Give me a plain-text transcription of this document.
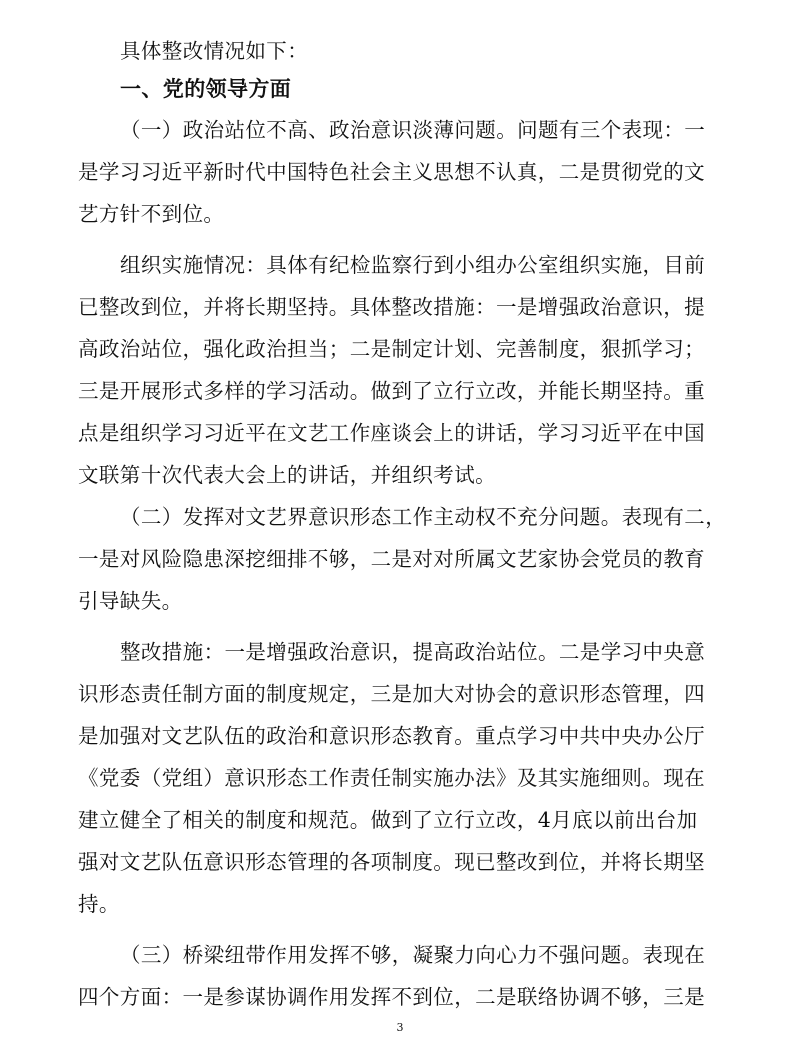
具体整改情况如下：
一、党的领导方面
（一）政治站位不高、政治意识淡薄问题。问题有三个表现：一
是学习习近平新时代中国特色社会主义思想不认真，二是贯彻党的文
艺方针不到位。
组织实施情况：具体有纪检监察行到小组办公室组织实施，目前
已整改到位，并将长期坚持。具体整改措施：一是增强政治意识，提
高政治站位，强化政治担当；二是制定计划、完善制度，狠抓学习；
三是开展形式多样的学习活动。做到了立行立改，并能长期坚持。重
点是组织学习习近平在文艺工作座谈会上的讲话，学习习近平在中国
文联第十次代表大会上的讲话，并组织考试。
（二）发挥对文艺界意识形态工作主动权不充分问题。表现有二，
一是对风险隐患深挖细排不够，二是对对所属文艺家协会党员的教育
引导缺失。
整改措施：一是增强政治意识，提高政治站位。二是学习中央意
识形态责任制方面的制度规定，三是加大对协会的意识形态管理，四
是加强对文艺队伍的政治和意识形态教育。重点学习中共中央办公厅
《党委（党组）意识形态工作责任制实施办法》及其实施细则。现在
建立健全了相关的制度和规范。做到了立行立改，4月底以前出台加
强对文艺队伍意识形态管理的各项制度。现已整改到位，并将长期坚
持。
（三）桥梁纽带作用发挥不够，凝聚力向心力不强问题。表现在
四个方面：一是参谋协调作用发挥不到位，二是联络协调不够，三是
3
